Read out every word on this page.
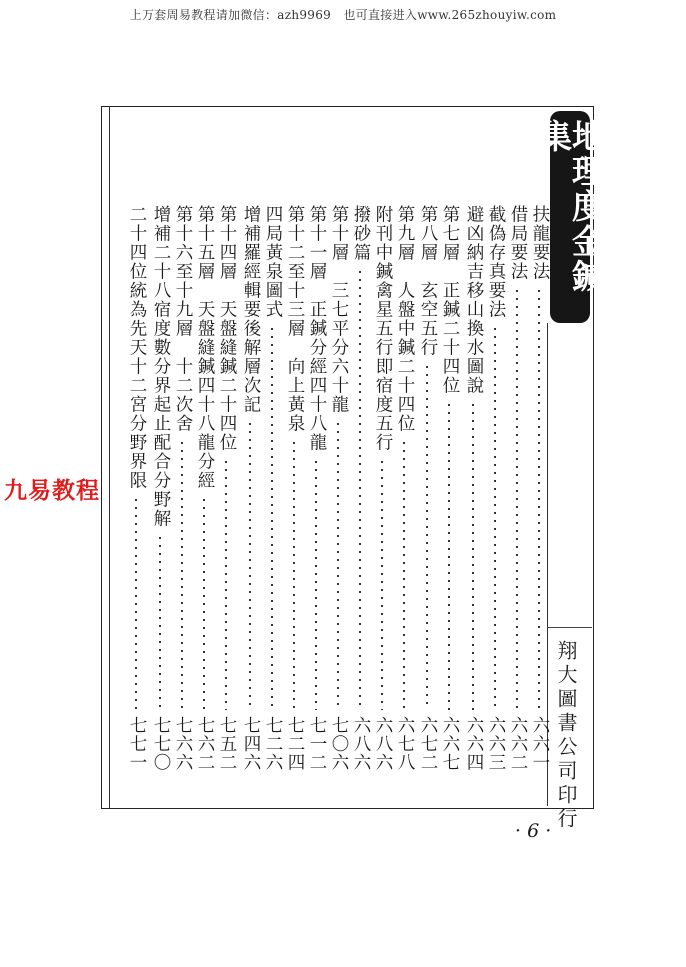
上万套周易教程请加微信：azh9969　也可直接进入www.265zhouyiw.com
九易教程
地理度金鍼集
翔大圖書公司印行
扶龍要法
六六一
借局要法
六六二
截偽存真要法
六六三
避凶納吉移山換水圖說
六六四
第七層　正鍼二十四位
六六七
第八層　玄空五行
六七二
第九層　人盤中鍼二十四位
六七八
附刊中鍼禽星五行即宿度五行
六八六
撥砂篇
六八六
第十層　三七平分六十龍
七〇六
第十一層　正鍼分經四十八龍
七一二
第十二至十三層　向上黃泉
七二四
四局黃泉圖式
七二六
增補羅經輯要後解層次記
七四六
第十四層　天盤縫鍼二十四位
七五二
第十五層　天盤縫鍼四十八龍分經
七六二
第十六至十九層　十二次舍
七六六
增補二十八宿度數分界起止配合分野解
七七〇
二十四位統為先天十二宮分野界限
七七一
· 6 ·
